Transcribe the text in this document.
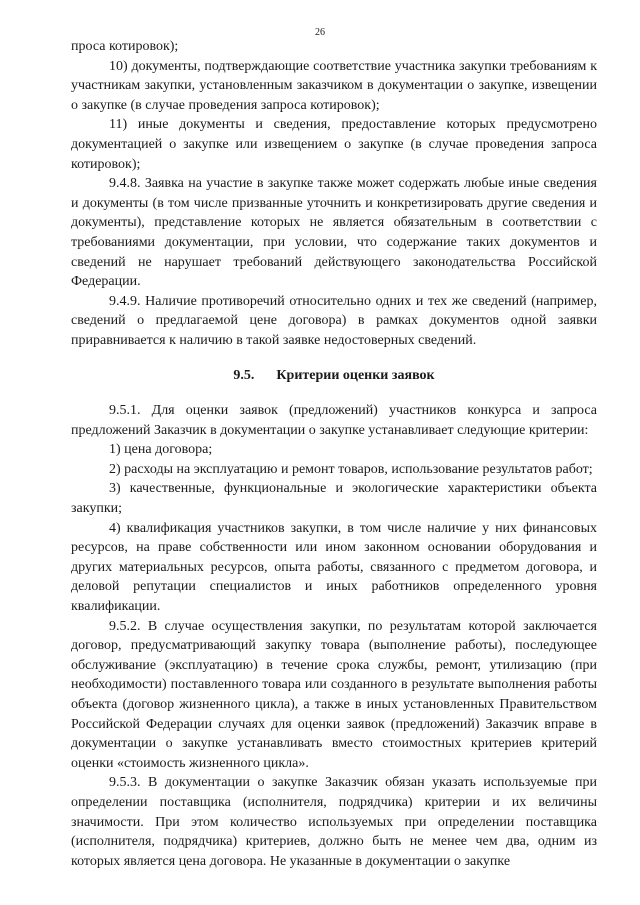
26

проса котировок);

10) документы, подтверждающие соответствие участника закупки требованиям к участникам закупки, установленным заказчиком в документации о закупке, извещении о закупке (в случае проведения запроса котировок);

11) иные документы и сведения, предоставление которых предусмотрено документацией о закупке или извещением о закупке (в случае проведения запроса котировок);

9.4.8. Заявка на участие в закупке также может содержать любые иные сведения и документы (в том числе призванные уточнить и конкретизировать другие сведения и документы), представление которых не является обязательным в соответствии с требованиями документации, при условии, что содержание таких документов и сведений не нарушает требований действующего законодательства Российской Федерации.

9.4.9. Наличие противоречий относительно одних и тех же сведений (например, сведений о предлагаемой цене договора) в рамках документов одной заявки приравнивается к наличию в такой заявке недостоверных сведений.

9.5. Критерии оценки заявок

9.5.1. Для оценки заявок (предложений) участников конкурса и запроса предложений Заказчик в документации о закупке устанавливает следующие критерии:

1) цена договора;

2) расходы на эксплуатацию и ремонт товаров, использование результатов работ;

3) качественные, функциональные и экологические характеристики объекта закупки;

4) квалификация участников закупки, в том числе наличие у них финансовых ресурсов, на праве собственности или ином законном основании оборудования и других материальных ресурсов, опыта работы, связанного с предметом договора, и деловой репутации специалистов и иных работников определенного уровня квалификации.

9.5.2. В случае осуществления закупки, по результатам которой заключается договор, предусматривающий закупку товара (выполнение работы), последующее обслуживание (эксплуатацию) в течение срока службы, ремонт, утилизацию (при необходимости) поставленного товара или созданного в результате выполнения работы объекта (договор жизненного цикла), а также в иных установленных Правительством Российской Федерации случаях для оценки заявок (предложений) Заказчик вправе в документации о закупке устанавливать вместо стоимостных критериев критерий оценки «стоимость жизненного цикла».

9.5.3. В документации о закупке Заказчик обязан указать используемые при определении поставщика (исполнителя, подрядчика) критерии и их величины значимости. При этом количество используемых при определении поставщика (исполнителя, подрядчика) критериев, должно быть не менее чем два, одним из которых является цена договора. Не указанные в документации о закупке
